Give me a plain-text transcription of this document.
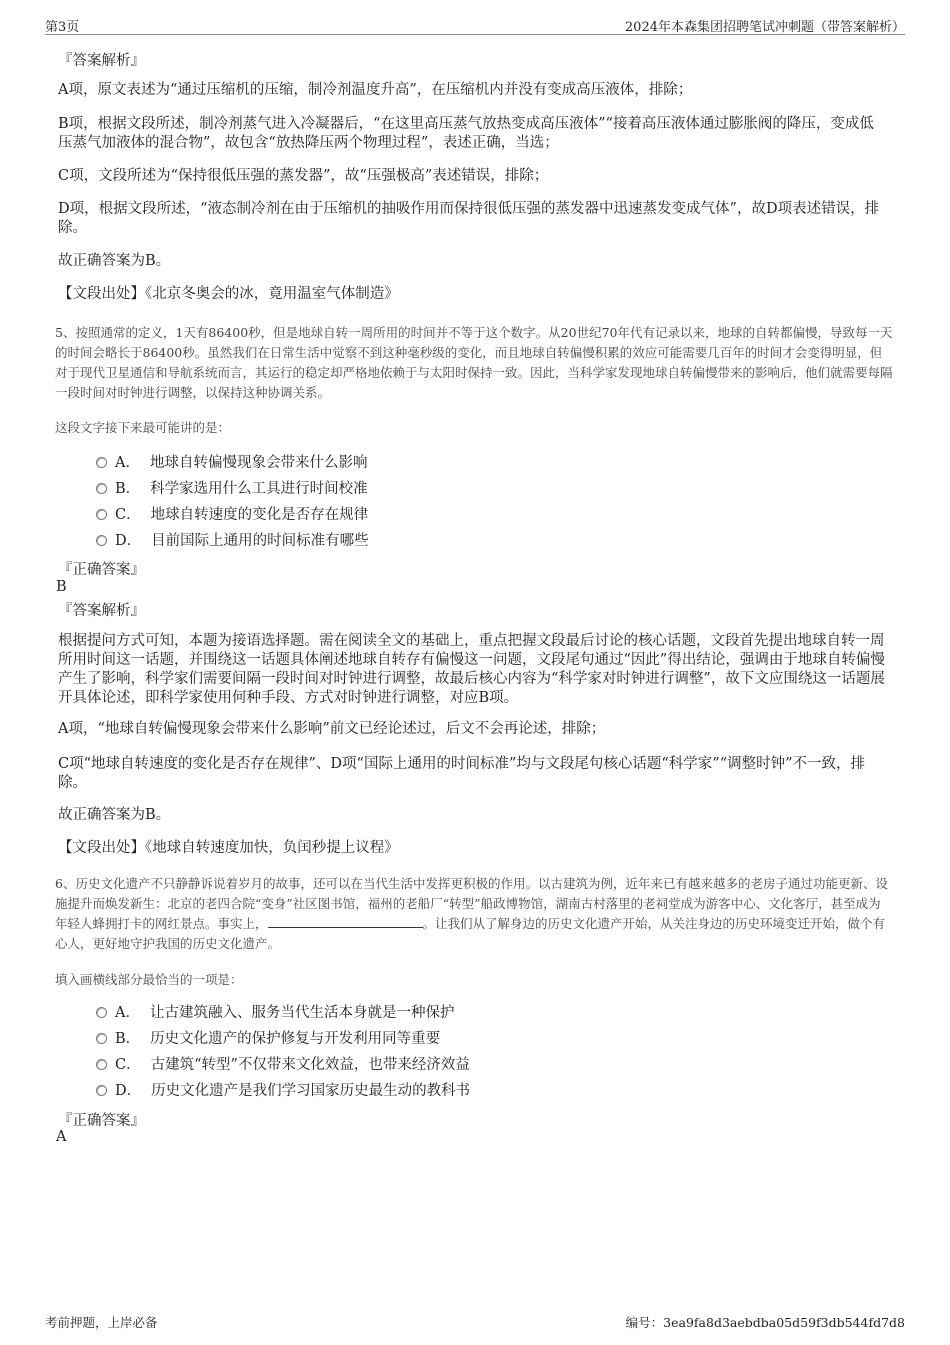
第3页	2024年本森集团招聘笔试冲刺题（带答案解析）
『答案解析』
A项，原文表述为“通过压缩机的压缩，制冷剂温度升高”，在压缩机内并没有变成高压液体，排除；
B项，根据文段所述，制冷剂蒸气进入冷凝器后，“在这里高压蒸气放热变成高压液体”“接着高压液体通过膨胀阀的降压，变成低压蒸气加液体的混合物”，故包含“放热降压两个物理过程”，表述正确，当选；
C项，文段所述为“保持很低压强的蒸发器”，故“压强极高”表述错误，排除；
D项，根据文段所述，“液态制冷剂在由于压缩机的抽吸作用而保持很低压强的蒸发器中迅速蒸发变成气体”，故D项表述错误，排除。
故正确答案为B。
【文段出处】《北京冬奥会的冰，竟用温室气体制造》
5、按照通常的定义，1天有86400秒，但是地球自转一周所用的时间并不等于这个数字。从20世纪70年代有记录以来，地球的自转都偏慢，导致每一天的时间会略长于86400秒。虽然我们在日常生活中觉察不到这种毫秒级的变化，而且地球自转偏慢积累的效应可能需要几百年的时间才会变得明显，但对于现代卫星通信和导航系统而言，其运行的稳定却严格地依赖于与太阳时保持一致。因此，当科学家发现地球自转偏慢带来的影响后，他们就需要每隔一段时间对时钟进行调整，以保持这种协调关系。
这段文字接下来最可能讲的是：
A． 地球自转偏慢现象会带来什么影响
B． 科学家选用什么工具进行时间校准
C． 地球自转速度的变化是否存在规律
D． 目前国际上通用的时间标准有哪些
『正确答案』
B
『答案解析』
根据提问方式可知，本题为接语选择题。需在阅读全文的基础上，重点把握文段最后讨论的核心话题，文段首先提出地球自转一周所用时间这一话题，并围绕这一话题具体阐述地球自转存有偏慢这一问题，文段尾句通过“因此”得出结论，强调由于地球自转偏慢产生了影响，科学家们需要间隔一段时间对时钟进行调整，故最后核心内容为“科学家对时钟进行调整”，故下文应围绕这一话题展开具体论述，即科学家使用何种手段、方式对时钟进行调整，对应B项。
A项，“地球自转偏慢现象会带来什么影响”前文已经论述过，后文不会再论述，排除；
C项“地球自转速度的变化是否存在规律”、D项“国际上通用的时间标准”均与文段尾句核心话题“科学家”“调整时钟”不一致，排除。
故正确答案为B。
【文段出处】《地球自转速度加快，负闰秒提上议程》
6、历史文化遗产不只静静诉说着岁月的故事，还可以在当代生活中发挥更积极的作用。以古建筑为例，近年来已有越来越多的老房子通过功能更新、设施提升而焕发新生：北京的老四合院“变身”社区图书馆，福州的老船厂“转型”船政博物馆，湖南古村落里的老祠堂成为游客中心、文化客厅，甚至成为年轻人蜂拥打卡的网红景点。事实上，	。让我们从了解身边的历史文化遗产开始，从关注身边的历史环境变迁开始，做个有心人，更好地守护我国的历史文化遗产。
填入画横线部分最恰当的一项是：
A． 让古建筑融入、服务当代生活本身就是一种保护
B． 历史文化遗产的保护修复与开发利用同等重要
C． 古建筑“转型”不仅带来文化效益，也带来经济效益
D． 历史文化遗产是我们学习国家历史最生动的教科书
『正确答案』
A
考前押题，上岸必备	编号：3ea9fa8d3aebdba05d59f3db544fd7d8
